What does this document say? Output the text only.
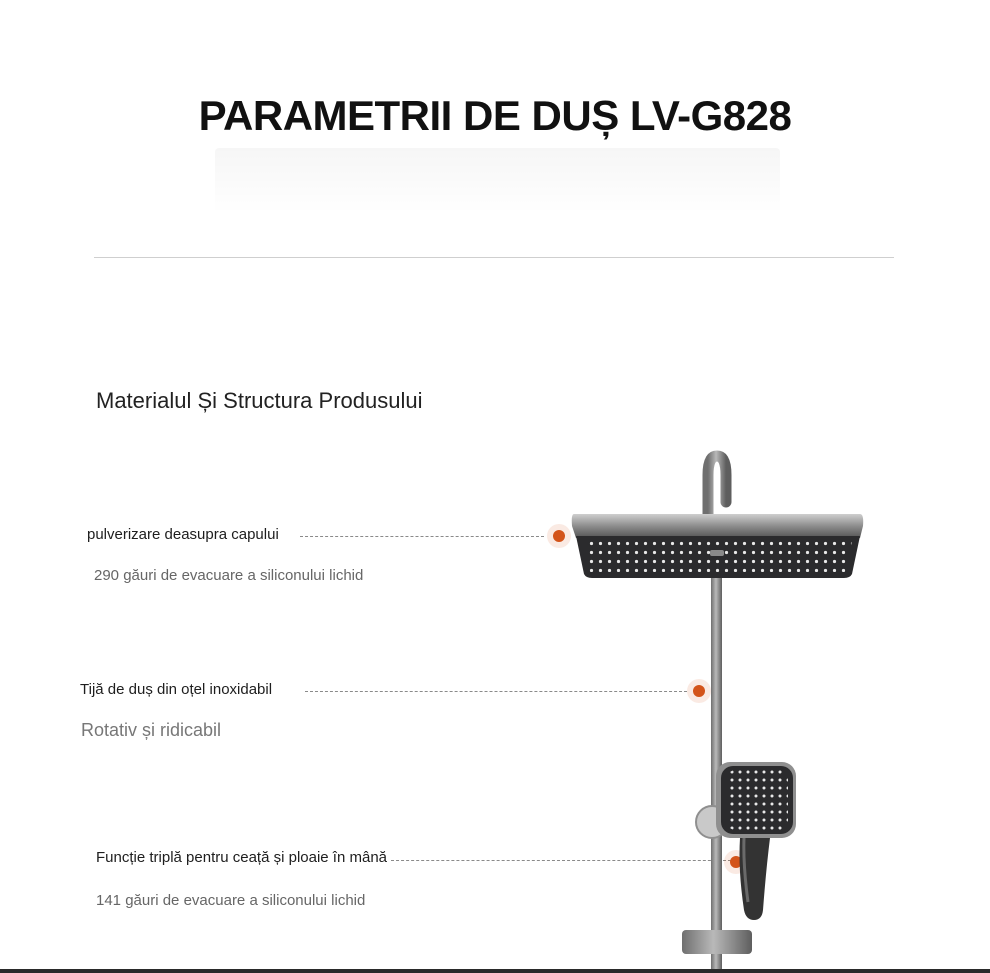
PARAMETRII DE DUȘ LV-G828
Materialul Și Structura Produsului
pulverizare deasupra capului
290 găuri de evacuare a siliconului lichid
Tijă de duș din oțel inoxidabil
Rotativ și ridicabil
Funcție triplă pentru ceață și ploaie în mână
141 găuri de evacuare a siliconului lichid
